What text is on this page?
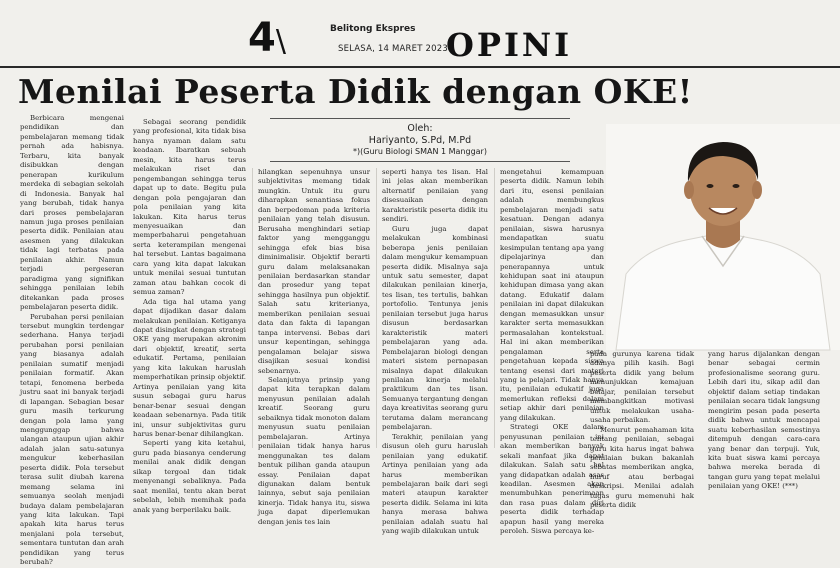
4\	Belitong Ekspres
SELASA, 14 MARET 2023
OPINI
Menilai Peserta Didik dengan OKE!
Oleh:
Hariyanto, S.Pd, M.Pd
*)(Guru Biologi SMAN 1 Manggar)

Berbicara mengenai pendidikan dan pembelajaran memang tidak pernah ada habisnya. Terbaru, kita banyak disibukkan dengan penerapan kurikulum merdeka di sebagian sekolah di Indonesia. Banyak hal yang berubah, tidak hanya dari proses pembelajaran namun juga proses penilaian peserta didik. Penilaian atau asesmen yang dilakukan tidak lagi terbatas pada penilaian akhir. Namun terjadi pergeseran paradigma yang signifikan sehingga penilaian lebih ditekankan pada proses pembelajaran peserta didik.

Perubahan persi penilaian tersebut mungkin terdengar sederhana. Hanya terjadi perubahan porsi penilaian yang biasanya adalah penilaian sumatif menjadi penilaian formatif. Akan tetapi, fenomena berbeda justru saat ini banyak terjadi di lapangan. Sebagian besar guru masih terkurung dengan pola lama yang menggunggap bahwa ulangan ataupun ujian akhir adalah jalan satu-satunya mengukur keberhasilan peserta didik. Pola tersebut terasa sulit diubah karena memang selama ini semuanya seolah menjadi budaya dalam pembelajaran yang kita lakukan. Tapi apakah kita harus terus menjalani pola tersebut, sementara tuntutan dan arah pendidikan yang terus berubah?

Sebagai seorang pendidik yang profesional, kita tidak bisa hanya nyaman dalam satu keadaan. Ibaratkan sebuah mesin, kita harus terus melakukan riset dan pengembangan sehingga terus dapat up to date. Begitu pula dengan pola pengajaran dan pola penilaian yang kita lakukan. Kita harus terus menyesuaikan dan memperbaharui pengetahuan serta keterampilan mengenai hal tersebut. Lantas bagaimana cara yang kita dapat lakukan untuk menilai sesuai tuntutan zaman atau bahkan cocok di semua zaman?

Ada tiga hal utama yang dapat dijadikan dasar dalam melakukan penilaian. Ketiganya dapat disingkat dengan strategi OKE yang merupakan akronim dari objektif, kreatif, serta edukatif. Pertama, penilaian yang kita lakukan haruslah memperhatikan prinsip objektif. Artinya penilaian yang kita susun sebagai guru harus benar-benar sesuai dengan keadaan sebenarnya. Pada titik ini, unsur subjektivitas guru harus benar-benar dihilangkan.

Seperti yang kita ketahui, guru pada biasanya cenderung menilai anak didik dengan sikap tergoal dan tidak menyenangi sebaliknya. Pada saat menilai, tentu akan berat sebelah, lebih memihak pada anak yang berperilaku baik.

hilangkan sepenuhnya unsur subjektivitas memang tidak mungkin. Untuk itu guru diharapkan senantiasa fokus dan berpedoman pada kriteria penilaian yang telah disusun. Berusaha menghindari setiap faktor yang mengganggu sehingga efek bias bisa diminimalisir. Objektif berarti guru dalam melaksanakan penilaian berdasarkan standar dan prosedur yang tepat sehingga hasilnya pun objektif. Salah satu kriterianya, memberikan penilaian sesuai data dan fakta di lapangan tanpa intervensi. Bebas dari unsur kepentingan, sehingga pengalaman belajar siswa disajikan sesuai kondisi sebenarnya.

Selanjutnya prinsip yang dapat kita terapkan dalam menyusun penilaian adalah kreatif. Seorang guru sebaiknya tidak monoton dalam menyusun suatu penilaian pembelajaran. Artinya penilaian tidak hanya harus menggunakan tes dalam bentuk pilihan ganda ataupun essay. Penilaian dapat digunakan dalam bentuk lainnya, sebut saja penilaian kinerja. Tidak hanya itu, siswa juga dapat diperlemukan dengan jenis tes lain

seperti hanya tes lisan. Hal ini jelas akan memberikan alternatif penilaian yang disesuaikan dengan karakteristik peserta didik itu sendiri.

Guru juga dapat melakukan kombinasi beberapa jenis penilaian dalam mengukur kemampuan peserta didik. Misalnya saja untuk satu semester, dapat dilakukan penilaian kinerja, tes lisan, tes tertulis, bahkan portofolio. Tentunya jenis penilaian tersebut juga harus disusun berdasarkan karakteristik materi pembelajaran yang ada. Pembelajaran biologi dengan materi sistem pernapasan misalnya dapat dilakukan penilaian kinerja melalui praktikum dan tes lisan. Semuanya tergantung dengan daya kreativitas seorang guru terutama dalam merancang pembelajaran.

Terakhir, penilaian yang disusun oleh guru haruslah penilaian yang edukatif. Artinya penilaian yang ada harus memberikan pembelajaran baik dari segi materi ataupun karakter peserta didik. Selama ini kita hanya merasa bahwa penilaian adalah suatu hal yang wajib dilakukan untuk

mengetahui kemampuan peserta didik. Namun lebih dari itu, esensi penilaian adalah membungkus pembelajaran menjadi satu kesatuan. Dengan adanya penilaian, siswa harusnya mendapatkan suatu kesimpulan tentang apa yang dipelajarinya dan penerapannya untuk kehidupan saat ini ataupun kehidupan dimasa yang akan datang. Edukatif dalam penilaian ini dapat dilakukan dengan memasukkan unsur karakter serta memasukkan permasalahan kontekstual. Hal ini akan memberikan pengalaman serta pengetahuan kepada siswa tentang esensi dari materi yang ia pelajari. Tidak hanya itu, penilaian edukatif juga memerlukan refleksi dalam setiap akhir dari penilaian yang dilakukan.

Strategi OKE dalam penyusunan penilaian ini akan memberikan banyak sekali manfaat jika dapat dilakukan. Salah satu hal yang didapatkan adalah asas keadilan. Asesmen akan menumbuhkan penerimaan dan rasa puas dalam diri peserta didik terhadap apapun hasil yang mereka peroleh. Siswa percaya ke-

pada gurunya karena tidak adanya pilih kasih. Bagi peserta didik yang belum menunjukkan kemajuan belajar, penilaian tersebut membangkitkan motivasi untuk melakukan usaha-usaha perbaikan.

Menurut pemahaman kita tentang penilaian, sebagai guru kita harus ingat bahwa penilaian bukan bakanlah sebatas memberikan angka, huruf atau berbagai deskripsi. Menilai adalah tugas guru memenuhi hak peserta didik

yang harus dijalankan dengan benar sebagai cermin profesionalisme seorang guru. Lebih dari itu, sikap adil dan objektif dalam setiap tindakan penilaian secara tidak langsung mengirim pesan pada peserta didik bahwa untuk mencapai suatu keberhasilan semestinya ditempuh dengan cara-cara yang benar dan terpuji. Yuk, kita buat siswa kami percaya bahwa mereka berada di tangan guru yang tepat melalui penilaian yang OKE! (***)
